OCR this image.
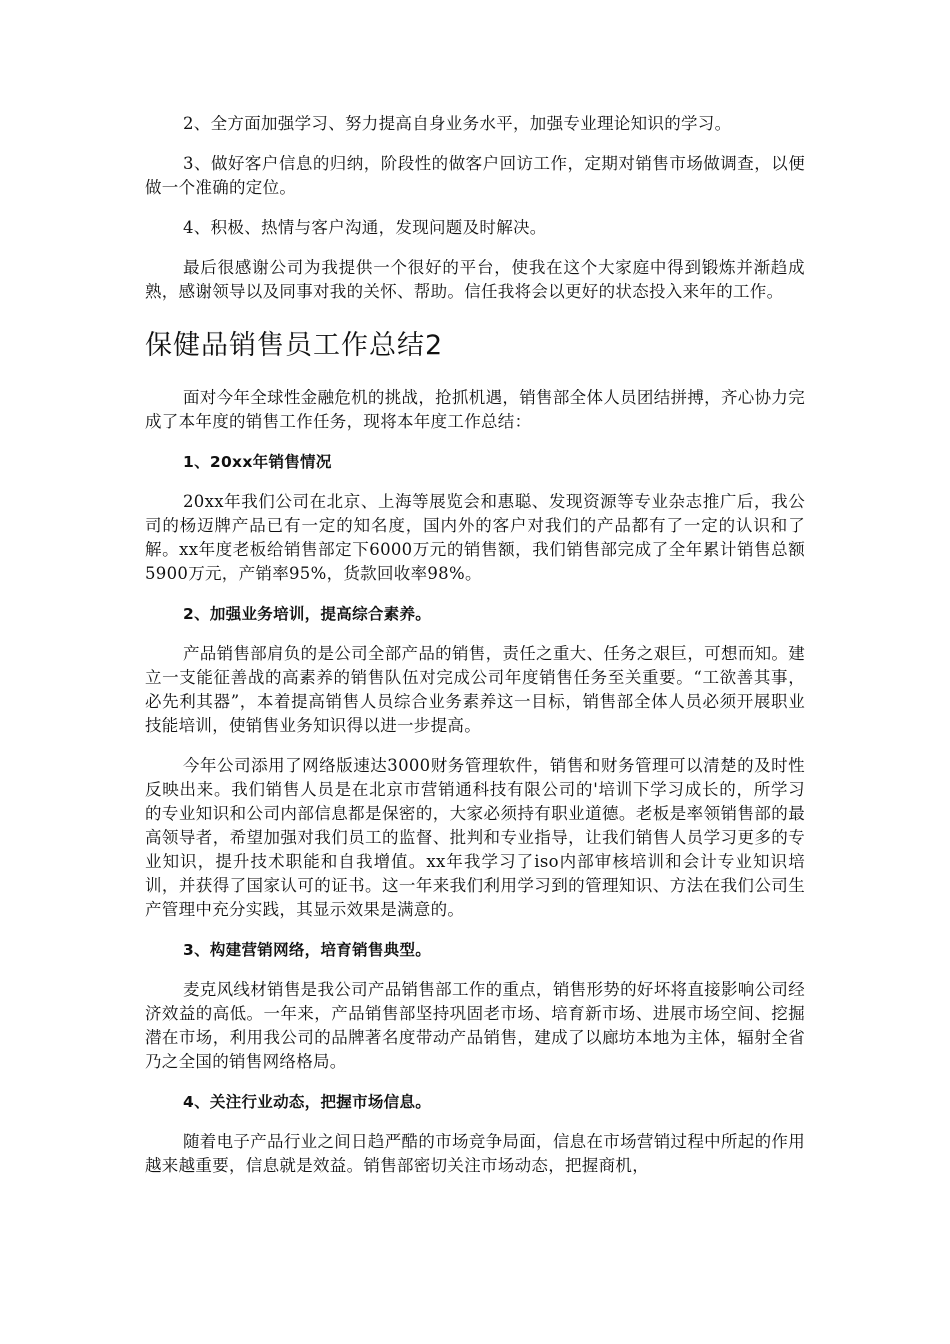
2、全方面加强学习、努力提高自身业务水平，加强专业理论知识的学习。

3、做好客户信息的归纳，阶段性的做客户回访工作，定期对销售市场做调查，以便做一个准确的定位。

4、积极、热情与客户沟通，发现问题及时解决。

最后很感谢公司为我提供一个很好的平台，使我在这个大家庭中得到锻炼并渐趋成熟，感谢领导以及同事对我的关怀、帮助。信任我将会以更好的状态投入来年的工作。

保健品销售员工作总结2

面对今年全球性金融危机的挑战，抢抓机遇，销售部全体人员团结拼搏，齐心协力完成了本年度的销售工作任务，现将本年度工作总结：

1、20xx年销售情况

20xx年我们公司在北京、上海等展览会和惠聪、发现资源等专业杂志推广后，我公司的杨迈牌产品已有一定的知名度，国内外的客户对我们的产品都有了一定的认识和了解。xx年度老板给销售部定下6000万元的销售额，我们销售部完成了全年累计销售总额5900万元，产销率95%，货款回收率98%。

2、加强业务培训，提高综合素养。

产品销售部肩负的是公司全部产品的销售，责任之重大、任务之艰巨，可想而知。建立一支能征善战的高素养的销售队伍对完成公司年度销售任务至关重要。“工欲善其事，必先利其器”，本着提高销售人员综合业务素养这一目标，销售部全体人员必须开展职业技能培训，使销售业务知识得以进一步提高。

今年公司添用了网络版速达3000财务管理软件，销售和财务管理可以清楚的及时性反映出来。我们销售人员是在北京市营销通科技有限公司的'培训下学习成长的，所学习的专业知识和公司内部信息都是保密的，大家必须持有职业道德。老板是率领销售部的最高领导者，希望加强对我们员工的监督、批判和专业指导，让我们销售人员学习更多的专业知识，提升技术职能和自我增值。xx年我学习了iso内部审核培训和会计专业知识培训，并获得了国家认可的证书。这一年来我们利用学习到的管理知识、方法在我们公司生产管理中充分实践，其显示效果是满意的。

3、构建营销网络，培育销售典型。

麦克风线材销售是我公司产品销售部工作的重点，销售形势的好坏将直接影响公司经济效益的高低。一年来，产品销售部坚持巩固老市场、培育新市场、进展市场空间、挖掘潜在市场，利用我公司的品牌著名度带动产品销售，建成了以廊坊本地为主体，辐射全省乃之全国的销售网络格局。

4、关注行业动态，把握市场信息。

随着电子产品行业之间日趋严酷的市场竞争局面，信息在市场营销过程中所起的作用越来越重要，信息就是效益。销售部密切关注市场动态，把握商机，
